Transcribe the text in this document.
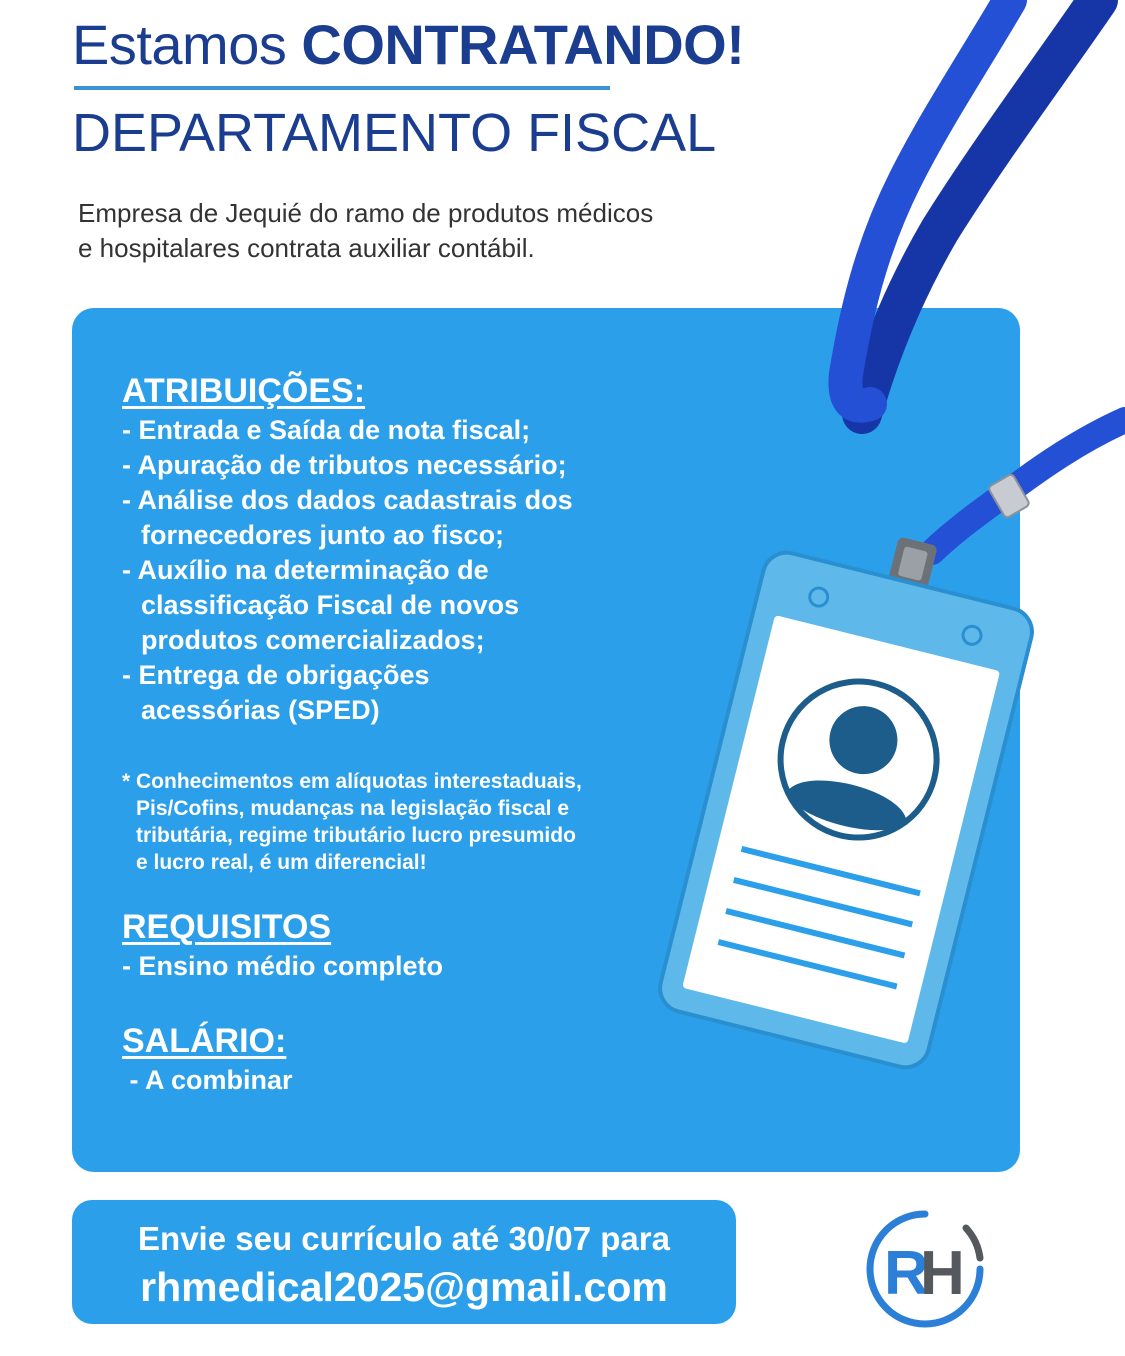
Estamos CONTRATANDO!
DEPARTAMENTO FISCAL
Empresa de Jequié do ramo de produtos médicos
e hospitalares contrata auxiliar contábil.
ATRIBUIÇÕES:
- Entrada e Saída de nota fiscal;
- Apuração de tributos necessário;
- Análise dos dados cadastrais dos
fornecedores junto ao fisco;
- Auxílio na determinação de
classificação Fiscal de novos
produtos comercializados;
- Entrega de obrigações
acessórias (SPED)
* Conhecimentos em alíquotas interestaduais,
Pis/Cofins, mudanças na legislação fiscal e
tributária, regime tributário lucro presumido
e lucro real, é um diferencial!
REQUISITOS
- Ensino médio completo
SALÁRIO:
- A combinar
Envie seu currículo até 30/07 para
rhmedical2025@gmail.com	R
H
